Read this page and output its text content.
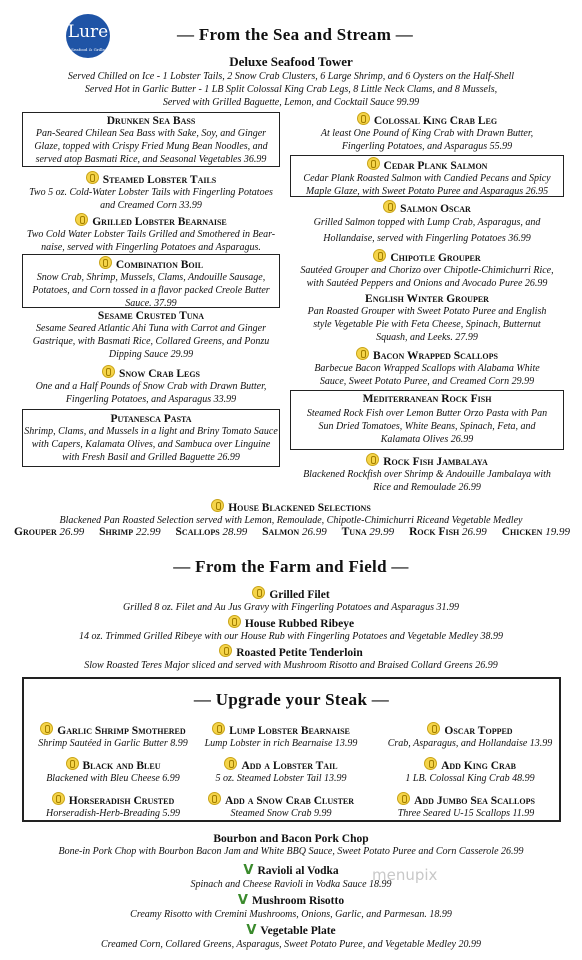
Lure
Seafood & Grille
— From the Sea and Stream —
Deluxe Seafood Tower
Served Chilled on Ice - 1 Lobster Tails, 2 Snow Crab Clusters, 6 Large Shrimp, and 6 Oysters on the Half-Shell
Served Hot in Garlic Butter - 1 LB Split Colossal King Crab Legs, 8 Little Neck Clams, and 8 Mussels,
Served with Grilled Baguette, Lemon, and Cocktail Sauce 99.99
Drunken Sea Bass
Pan-Seared Chilean Sea Bass with Sake, Soy, and Ginger
Glaze, topped with Crispy Fried Mung Bean Noodles, and
served atop Basmati Rice, and Seasonal Vegetables 36.99
Steamed Lobster Tails
Two 5 oz. Cold-Water Lobster Tails with Fingerling Potatoes
and Creamed Corn 33.99
Grilled Lobster Bearnaise
Two Cold Water Lobster Tails Grilled and Smothered in Bear-
naise, served with Fingerling Potatoes and Asparagus.
Combination Boil
Snow Crab, Shrimp, Mussels, Clams, Andouille Sausage,
Potatoes, and Corn tossed in a flavor packed Creole Butter
Sauce. 37.99
Sesame Crusted Tuna
Sesame Seared Atlantic Ahi Tuna with Carrot and Ginger
Gastrique, with Basmati Rice, Collared Greens, and Ponzu
Dipping Sauce 29.99
Snow Crab Legs
One and a Half Pounds of Snow Crab with Drawn Butter,
Fingerling Potatoes, and Asparagus 33.99
Putanesca Pasta
Shrimp, Clams, and Mussels in a light and Briny Tomato Sauce
with Capers, Kalamata Olives, and Sambuca over Linguine
with Fresh Basil and Grilled Baguette 26.99
Colossal King Crab Leg
At least One Pound of King Crab with Drawn Butter,
Fingerling Potatoes, and Asparagus 55.99
Cedar Plank Salmon
Cedar Plank Roasted Salmon with Candied Pecans and Spicy
Maple Glaze, with Sweet Potato Puree and Asparagus 26.95
Salmon Oscar
Grilled Salmon topped with Lump Crab, Asparagus, and
Hollandaise, served with Fingerling Potatoes 36.99
Chipotle Grouper
Sautéed Grouper and Chorizo over Chipotle-Chimichurri Rice,
with Sautéed Peppers and Onions and Avocado Puree 26.99
English Winter Grouper
Pan Roasted Grouper with Sweet Potato Puree and English
style Vegetable Pie with Feta Cheese, Spinach, Butternut
Squash, and Leeks. 27.99
Bacon Wrapped Scallops
Barbecue Bacon Wrapped Scallops with Alabama White
Sauce, Sweet Potato Puree, and Creamed Corn 29.99
Mediterranean Rock Fish
Steamed Rock Fish over Lemon Butter Orzo Pasta with Pan
Sun Dried Tomatoes, White Beans, Spinach, Feta, and
Kalamata Olives 26.99
Rock Fish Jambalaya
Blackened Rockfish over Shrimp & Andouille Jambalaya with
Rice and Remoulade 26.99
House Blackened Selections
Blackened Pan Roasted Selection served with Lemon, Remoulade, Chipotle-Chimichurri Riceand Vegetable Medley
Grouper 26.99 Shrimp 22.99 Scallops 28.99 Salmon 26.99 Tuna 29.99 Rock Fish 26.99 Chicken 19.99
— From the Farm and Field —
Grilled Filet
Grilled 8 oz. Filet and Au Jus Gravy with Fingerling Potatoes and Asparagus 31.99
House Rubbed Ribeye
14 oz. Trimmed Grilled Ribeye with our House Rub with Fingerling Potatoes and Vegetable Medley 38.99
Roasted Petite Tenderloin
Slow Roasted Teres Major sliced and served with Mushroom Risotto and Braised Collard Greens 26.99
— Upgrade your Steak —
Garlic Shrimp Smothered
Shrimp Sautéed in Garlic Butter 8.99
Lump Lobster Bearnaise
Lump Lobster in rich Bearnaise 13.99
Oscar Topped
Crab, Asparagus, and Hollandaise 13.99
Black and Bleu
Blackened with Bleu Cheese 6.99
Add a Lobster Tail
5 oz. Steamed Lobster Tail 13.99
Add King Crab
1 LB. Colossal King Crab 48.99
Horseradish Crusted
Horseradish-Herb-Breading 5.99
Add a Snow Crab Cluster
Steamed Snow Crab 9.99
Add Jumbo Sea Scallops
Three Seared U-15 Scallops 11.99
Bourbon and Bacon Pork Chop
Bone-in Pork Chop with Bourbon Bacon Jam and White BBQ Sauce, Sweet Potato Puree and Corn Casserole 26.99
V Ravioli al Vodka
Spinach and Cheese Ravioli in Vodka Sauce 18.99
V Mushroom Risotto
Creamy Risotto with Cremini Mushrooms, Onions, Garlic, and Parmesan. 18.99
V Vegetable Plate
Creamed Corn, Collared Greens, Asparagus, Sweet Potato Puree, and Vegetable Medley 20.99
menupix
